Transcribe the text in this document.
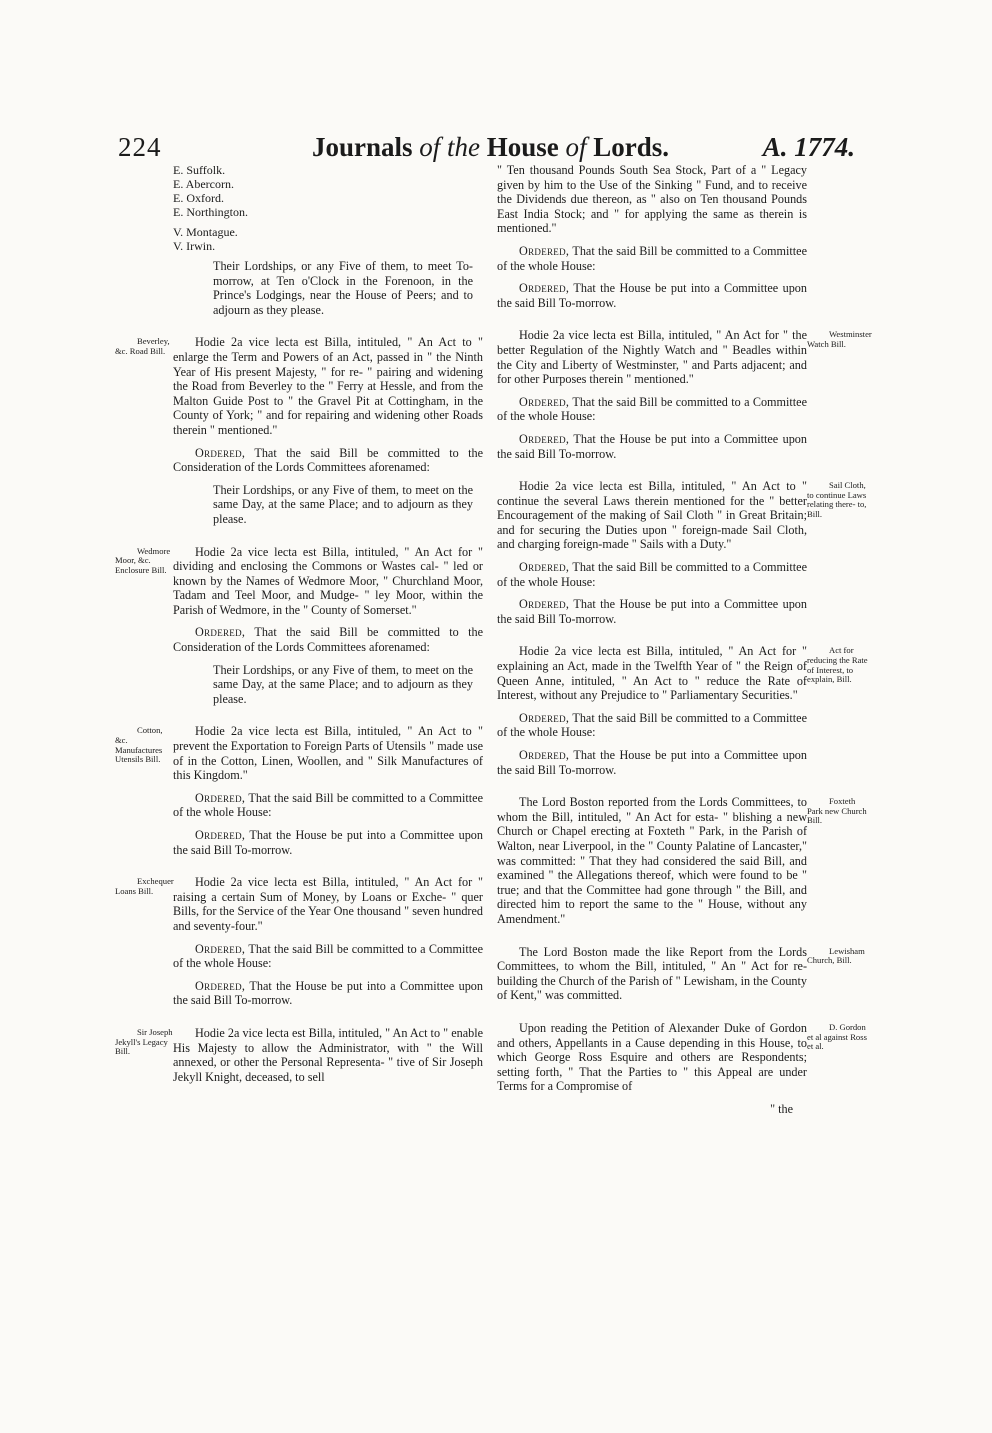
224	Journals of the House of Lords.	A. 1774.
E. Suffolk.
E. Abercorn.
E. Oxford.
E. Northington.
V. Montague.
V. Irwin.

Their Lordships, or any Five of them, to meet To-morrow, at Ten o'Clock in the Forenoon, in the Prince's Lodgings, near the House of Peers; and to adjourn as they please.

Beverley, &c. Road Bill.
Hodie 2a vice lecta est Billa, intituled, " An Act to " enlarge the Term and Powers of an Act, passed in " the Ninth Year of His present Majesty, " for re- " pairing and widening the Road from Beverley to the " Ferry at Hessle, and from the Malton Guide Post to " the Gravel Pit at Cottingham, in the County of York; " and for repairing and widening other Roads therein " mentioned."

Ordered, That the said Bill be committed to the Consideration of the Lords Committees aforenamed:

Their Lordships, or any Five of them, to meet on the same Day, at the same Place; and to adjourn as they please.

Wedmore Moor, &c. Enclosure Bill.
Hodie 2a vice lecta est Billa, intituled, " An Act for " dividing and enclosing the Commons or Wastes cal- " led or known by the Names of Wedmore Moor, " Churchland Moor, Tadam and Teel Moor, and Mudge- " ley Moor, within the Parish of Wedmore, in the " County of Somerset."

Ordered, That the said Bill be committed to the Consideration of the Lords Committees aforenamed:

Their Lordships, or any Five of them, to meet on the same Day, at the same Place; and to adjourn as they please.

Cotton, &c. Manufactures Utensils Bill.
Hodie 2a vice lecta est Billa, intituled, " An Act to " prevent the Exportation to Foreign Parts of Utensils " made use of in the Cotton, Linen, Woollen, and " Silk Manufactures of this Kingdom."

Ordered, That the said Bill be committed to a Committee of the whole House:

Ordered, That the House be put into a Committee upon the said Bill To-morrow.

Exchequer Loans Bill.
Hodie 2a vice lecta est Billa, intituled, " An Act for " raising a certain Sum of Money, by Loans or Exche- " quer Bills, for the Service of the Year One thousand " seven hundred and seventy-four."

Ordered, That the said Bill be committed to a Committee of the whole House:

Ordered, That the House be put into a Committee upon the said Bill To-morrow.

Sir Joseph Jekyll's Legacy Bill.
Hodie 2a vice lecta est Billa, intituled, " An Act to " enable His Majesty to allow the Administrator, with " the Will annexed, or other the Personal Representa- " tive of Sir Joseph Jekyll Knight, deceased, to sell

" Ten thousand Pounds South Sea Stock, Part of a " Legacy given by him to the Use of the Sinking " Fund, and to receive the Dividends due thereon, as " also on Ten thousand Pounds East India Stock; and " for applying the same as therein is mentioned."

Ordered, That the said Bill be committed to a Committee of the whole House:

Ordered, That the House be put into a Committee upon the said Bill To-morrow.

Westminster Watch Bill.
Hodie 2a vice lecta est Billa, intituled, " An Act for " the better Regulation of the Nightly Watch and " Beadles within the City and Liberty of Westminster, " and Parts adjacent; and for other Purposes therein " mentioned."

Ordered, That the said Bill be committed to a Committee of the whole House:

Ordered, That the House be put into a Committee upon the said Bill To-morrow.

Sail Cloth, to continue Laws relating there- to, Bill.
Hodie 2a vice lecta est Billa, intituled, " An Act to " continue the several Laws therein mentioned for the " better Encouragement of the making of Sail Cloth " in Great Britain; and for securing the Duties upon " foreign-made Sail Cloth, and charging foreign-made " Sails with a Duty."

Ordered, That the said Bill be committed to a Committee of the whole House:

Ordered, That the House be put into a Committee upon the said Bill To-morrow.

Act for reducing the Rate of Interest, to explain, Bill.
Hodie 2a vice lecta est Billa, intituled, " An Act for " explaining an Act, made in the Twelfth Year of " the Reign of Queen Anne, intituled, " An Act to " reduce the Rate of Interest, without any Prejudice to " Parliamentary Securities."

Ordered, That the said Bill be committed to a Committee of the whole House:

Ordered, That the House be put into a Committee upon the said Bill To-morrow.

Foxteth Park new Church Bill.
The Lord Boston reported from the Lords Committees, to whom the Bill, intituled, " An Act for esta- " blishing a new Church or Chapel erecting at Foxteth " Park, in the Parish of Walton, near Liverpool, in the " County Palatine of Lancaster," was committed: " That they had considered the said Bill, and examined " the Allegations thereof, which were found to be " true; and that the Committee had gone through " the Bill, and directed him to report the same to the " House, without any Amendment."
Lewisham Church, Bill.
The Lord Boston made the like Report from the Lords Committees, to whom the Bill, intituled, " An " Act for re-building the Church of the Parish of " Lewisham, in the County of Kent," was committed.
D. Gordon et al against Ross et al.
Upon reading the Petition of Alexander Duke of Gordon and others, Appellants in a Cause depending in this House, to which George Ross Esquire and others are Respondents; setting forth, " That the Parties to " this Appeal are under Terms for a Compromise of
" the
